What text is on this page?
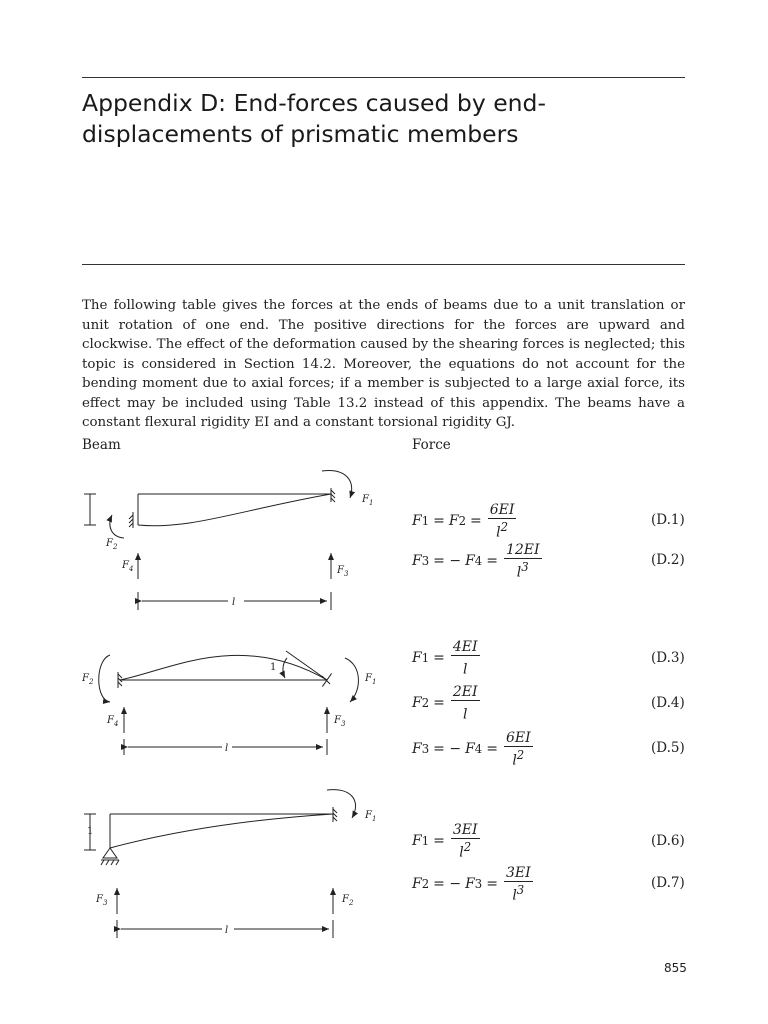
Appendix D: End-forces caused by end-
displacements of prismatic members

The following table gives the forces at the ends of beams due to a unit translation or unit rotation of one end. The positive directions for the forces are upward and clockwise. The effect of the deformation caused by the shearing forces is neglected; this topic is considered in Section 14.2. Moreover, the equations do not account for the bending moment due to axial forces; if a member is subjected to a large axial force, its effect may be included using Table 13.2 instead of this appendix. The beams have a constant flexural rigidity EI and a constant torsional rigidity GJ.

Beam	Force
F 1 = F $2 = \frac{6EI}{l^2}$	(D.1)
F 3 = − F $4 = \frac{12EI}{l^3}$	(D.2)
F $1 = \frac{4EI}{l}$	(D.3)
F $2 = \frac{2EI}{l}$	(D.4)
F 3 = − F $4 = \frac{6EI}{l^2}$	(D.5)
F $1 = \frac{3EI}{l^2}$	(D.6)
F 2 = − F $3 = \frac{3EI}{l^3}$	(D.7)
855
F 1
F 2
F 4	F 3
l
1
F 2	F 1
F 4	F 3
l
1
F 1
F 3	F 2
l
